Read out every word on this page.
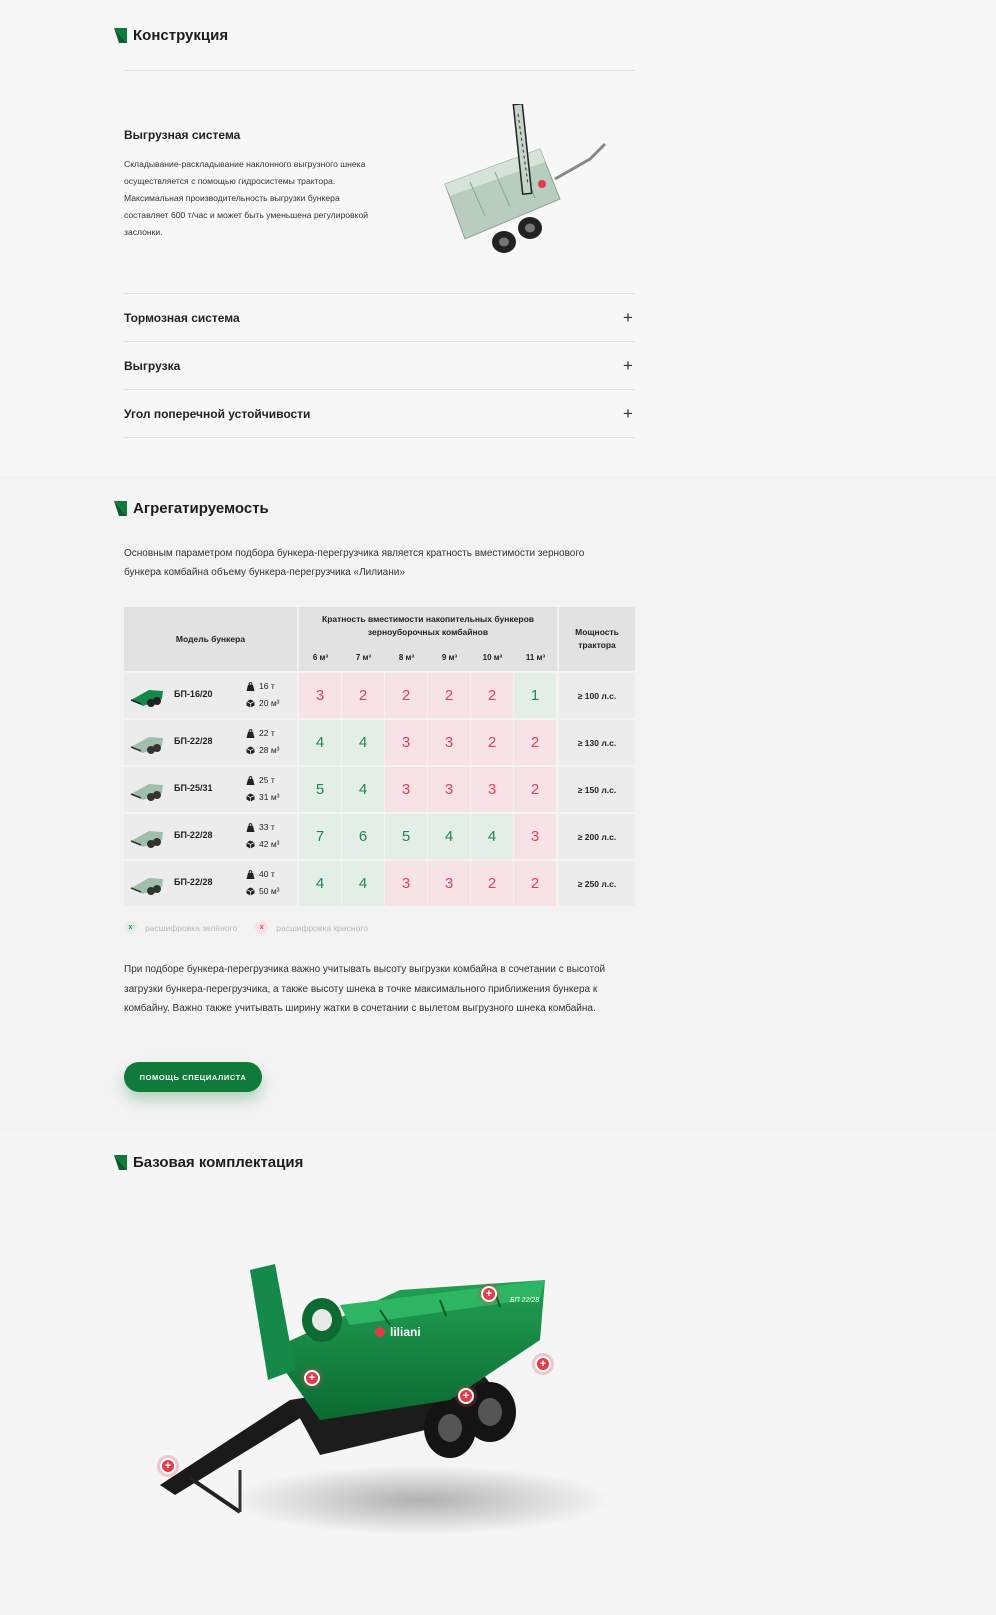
Конструкция
Выгрузная система
Складывание-раскладывание наклонного выгрузного шнека осуществляется с помощью гидросистемы трактора. Максимальная производительность выгрузки бункера составляет 600 т/час и может быть уменьшена регулировкой заслонки.
Тормозная система	+
Выгрузка	+
Угол поперечной устойчивости	+
Агрегатируемость
Основным параметром подбора бункера-перегрузчика является кратность вместимости зернового бункера комбайна объему бункера-перегрузчика «Лилиани»
Модель бункера
Кратность вместимости накопительных бункеров зерноуборочных комбайнов
6 м³	7 м³	8 м³	9 м³	10 м³	11 м³
Мощность трактора
БП-16/20
16 т
20 м³	3	2	2	2	2	1	≥ 100 л.с.
БП-22/28
22 т
28 м³	4	4	3	3	2	2	≥ 130 л.с.
БП-25/31
25 т
31 м³	5	4	3	3	3	2	≥ 150 л.с.
БП-22/28
33 т
42 м³	7	6	5	4	4	3	≥ 200 л.с.
БП-22/28
40 т
50 м³	4	4	3	3	2	2	≥ 250 л.с.
x	расшифровка зелёного	x	расшифровка красного
При подборе бункера-перегрузчика важно учитывать высоту выгрузки комбайна в сочетании с высотой загрузки бункера-перегрузчика, а также высоту шнека в точке максимального приближения бункера к комбайну. Важно также учитывать ширину жатки в сочетании с вылетом выгрузного шнека комбайна.
ПОМОЩЬ СПЕЦИАЛИСТА
Базовая комплектация
liliani
БП 22/28
+
+
+
+
+
